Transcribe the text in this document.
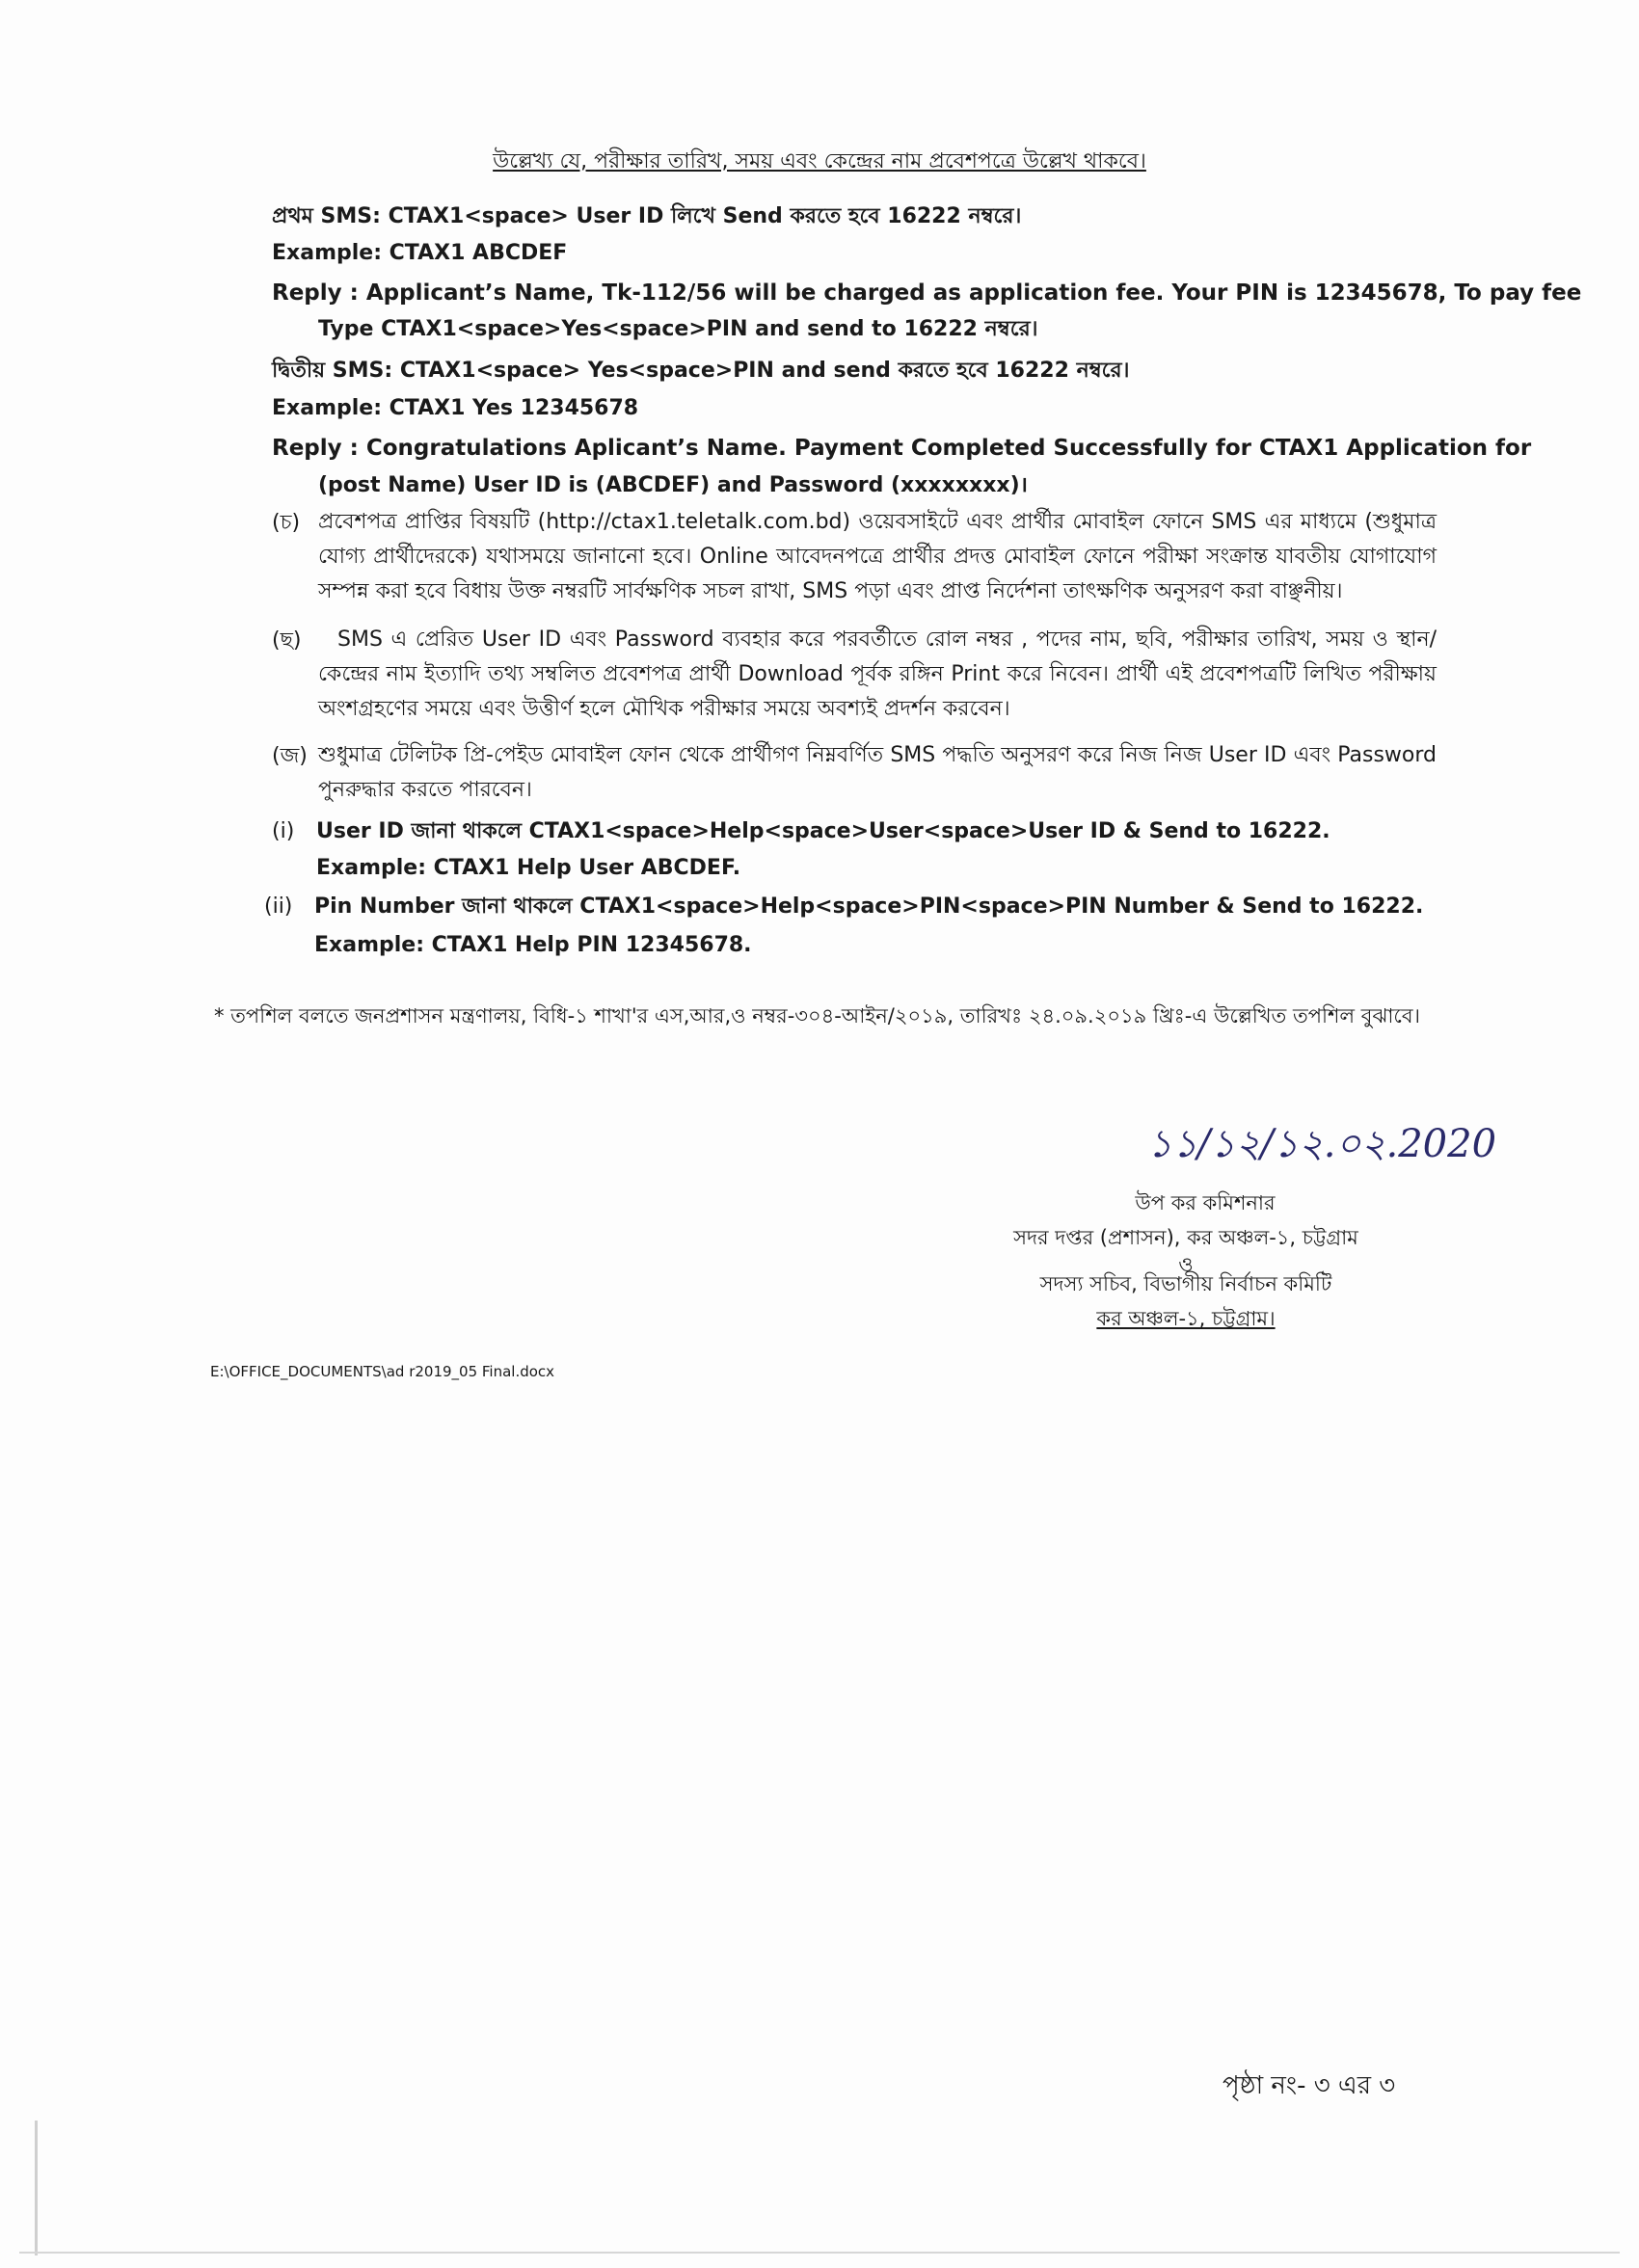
উল্লেখ্য যে, পরীক্ষার তারিখ, সময় এবং কেন্দ্রের নাম প্রবেশপত্রে উল্লেখ থাকবে।
প্রথম SMS: CTAX1<space> User ID লিখে Send করতে হবে 16222 নম্বরে।
Example: CTAX1 ABCDEF
Reply : Applicant’s Name, Tk-112/56 will be charged as application fee. Your PIN is 12345678, To pay fee
Type CTAX1<space>Yes<space>PIN and send to 16222 নম্বরে।
দ্বিতীয় SMS: CTAX1<space> Yes<space>PIN and send করতে হবে 16222 নম্বরে।
Example: CTAX1 Yes 12345678
Reply : Congratulations Aplicant’s Name. Payment Completed Successfully for CTAX1 Application for
(post Name) User ID is (ABCDEF) and Password (xxxxxxxx)।
(চ) প্রবেশপত্র প্রাপ্তির বিষয়টি (http://ctax1.teletalk.com.bd) ওয়েবসাইটে এবং প্রার্থীর মোবাইল ফোনে SMS এর মাধ্যমে (শুধুমাত্র যোগ্য প্রার্থীদেরকে) যথাসময়ে জানানো হবে। Online আবেদনপত্রে প্রার্থীর প্রদত্ত মোবাইল ফোনে পরীক্ষা সংক্রান্ত যাবতীয় যোগাযোগ সম্পন্ন করা হবে বিধায় উক্ত নম্বরটি সার্বক্ষণিক সচল রাখা, SMS পড়া এবং প্রাপ্ত নির্দেশনা তাৎক্ষণিক অনুসরণ করা বাঞ্ছনীয়।
(ছ)	SMS এ প্রেরিত User ID এবং Password ব্যবহার করে পরবর্তীতে রোল নম্বর , পদের নাম, ছবি, পরীক্ষার তারিখ, সময় ও স্থান/কেন্দ্রের নাম ইত্যাদি তথ্য সম্বলিত প্রবেশপত্র প্রার্থী Download পূর্বক রঙ্গিন Print করে নিবেন। প্রার্থী এই প্রবেশপত্রটি লিখিত পরীক্ষায় অংশগ্রহণের সময়ে এবং উত্তীর্ণ হলে মৌখিক পরীক্ষার সময়ে অবশ্যই প্রদর্শন করবেন।
(জ) শুধুমাত্র টেলিটক প্রি-পেইড মোবাইল ফোন থেকে প্রার্থীগণ নিম্নবর্ণিত SMS পদ্ধতি অনুসরণ করে নিজ নিজ User ID এবং Password পুনরুদ্ধার করতে পারবেন।
(i) User ID জানা থাকলে CTAX1<space>Help<space>User<space>User ID & Send to 16222.
Example: CTAX1 Help User ABCDEF.
(ii) Pin Number জানা থাকলে CTAX1<space>Help<space>PIN<space>PIN Number & Send to 16222.
Example: CTAX1 Help PIN 12345678.
* তপশিল বলতে জনপ্রশাসন মন্ত্রণালয়, বিধি-১ শাখা'র এস,আর,ও নম্বর-৩০৪-আইন/২০১৯, তারিখঃ ২৪.০৯.২০১৯ খ্রিঃ-এ উল্লেখিত তপশিল বুঝাবে।
১১/১২/১২.০২.2020
উপ কর কমিশনার
সদর দপ্তর (প্রশাসন), কর অঞ্চল-১, চট্টগ্রাম
ও
সদস্য সচিব, বিভাগীয় নির্বাচন কমিটি
কর অঞ্চল-১, চট্টগ্রাম।
E:\OFFICE_DOCUMENTS\ad r2019_05 Final.docx
পৃষ্ঠা নং- ৩ এর ৩
